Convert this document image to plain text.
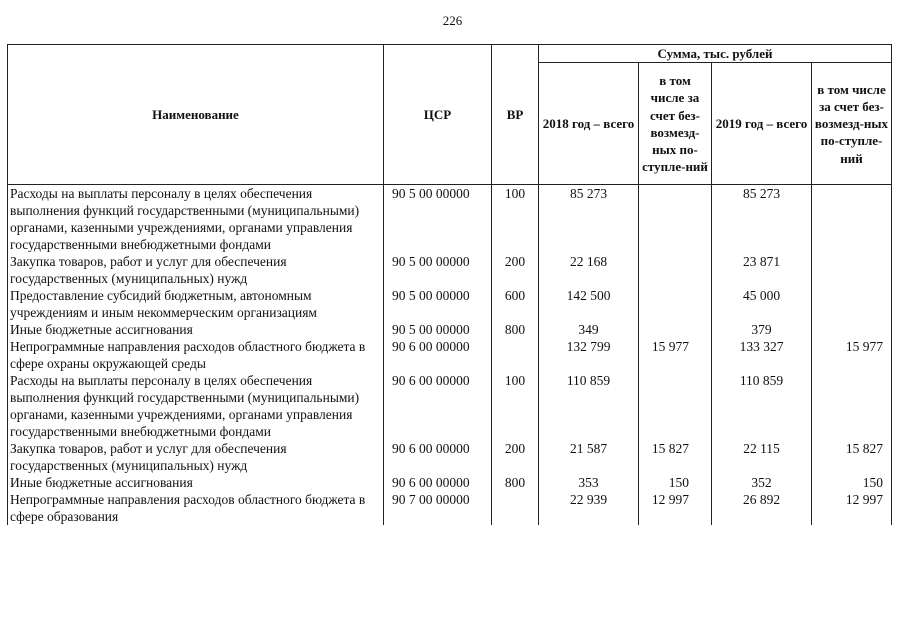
226
Наименование	ЦСР	ВР	Сумма, тыс. рублей			
			2018 год – всего	в том числе за счет без-возмезд-ных по-ступле-ний	2019 год – всего	в том числе за счет без-возмезд-ных по-ступле-ний
Расходы на выплаты персоналу в целях обеспечения выполнения функций государственными (муниципальными) органами, казенными учреждениями, органами управления государственными внебюджетными фондами	90 5 00 00000	100	85 273		85 273	
Закупка товаров, работ и услуг для обеспечения государственных (муниципальных) нужд	90 5 00 00000	200	22 168		23 871	
Предоставление субсидий бюджетным, автономным учреждениям и иным некоммерческим организациям	90 5 00 00000	600	142 500		45 000	
Иные бюджетные ассигнования	90 5 00 00000	800	349		379	
Непрограммные направления расходов областного бюджета в сфере охраны окружающей среды	90 6 00 00000		132 799	15 977	133 327	15 977
Расходы на выплаты персоналу в целях обеспечения выполнения функций государственными (муниципальными) органами, казенными учреждениями, органами управления государственными внебюджетными фондами	90 6 00 00000	100	110 859		110 859	
Закупка товаров, работ и услуг для обеспечения государственных (муниципальных) нужд	90 6 00 00000	200	21 587	15 827	22 115	15 827
Иные бюджетные ассигнования	90 6 00 00000	800	353	150	352	150
Непрограммные направления расходов областного бюджета в сфере образования	90 7 00 00000		22 939	12 997	26 892	12 997
